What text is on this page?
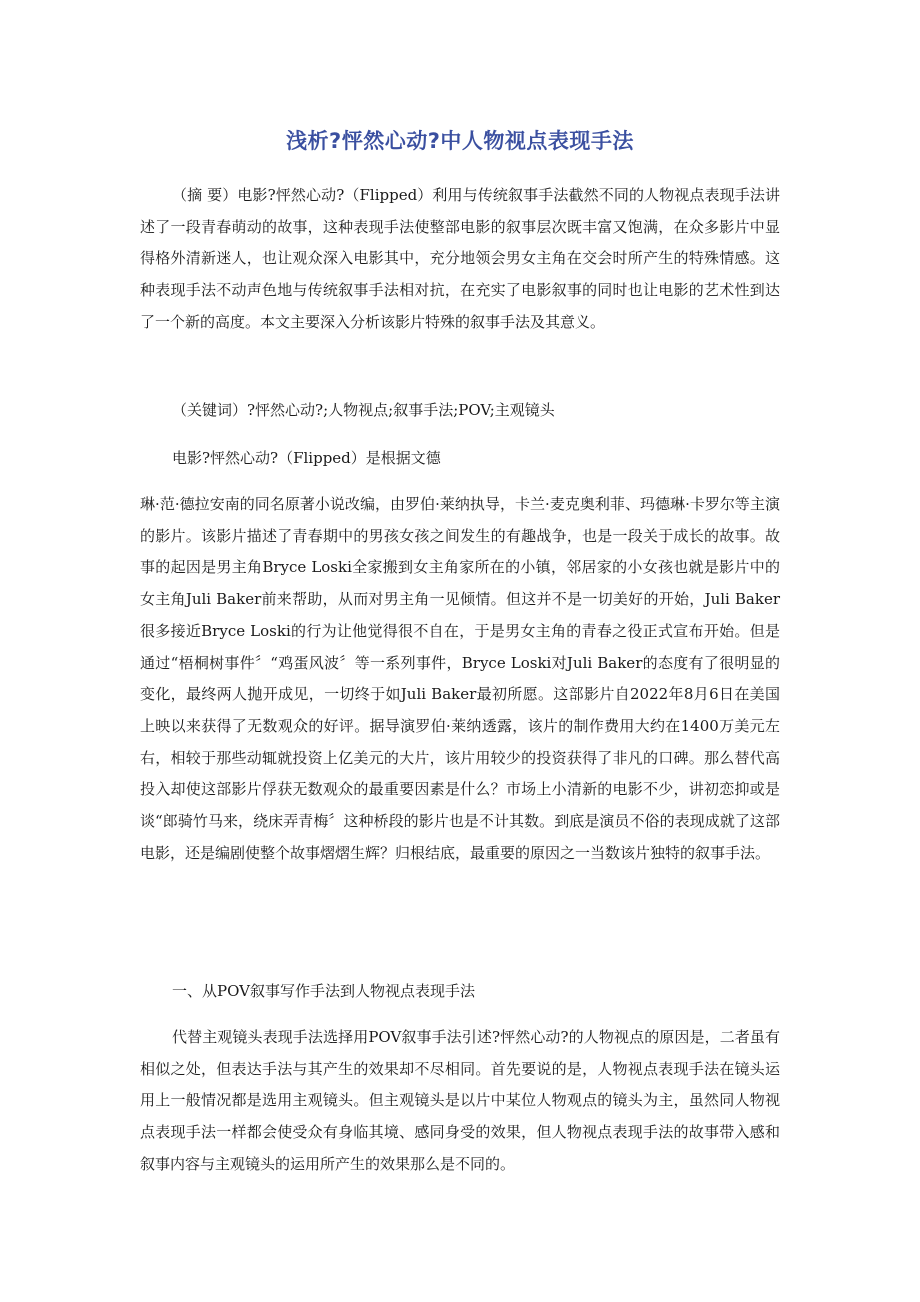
浅析?怦然心动?中人物视点表现手法

（摘 要）电影?怦然心动?（Flipped）利用与传统叙事手法截然不同的人物视点表现手法讲述了一段青春萌动的故事，这种表现手法使整部电影的叙事层次既丰富又饱满，在众多影片中显得格外清新迷人，也让观众深入电影其中，充分地领会男女主角在交会时所产生的特殊情感。这种表现手法不动声色地与传统叙事手法相对抗，在充实了电影叙事的同时也让电影的艺术性到达了一个新的高度。本文主要深入分析该影片特殊的叙事手法及其意义。

（关键词）?怦然心动?;人物视点;叙事手法;POV;主观镜头

电影?怦然心动?（Flipped）是根据文德

琳·范·德拉安南的同名原著小说改编，由罗伯·莱纳执导，卡兰·麦克奥利菲、玛德琳·卡罗尔等主演的影片。该影片描述了青春期中的男孩女孩之间发生的有趣战争，也是一段关于成长的故事。故事的起因是男主角Bryce Loski全家搬到女主角家所在的小镇，邻居家的小女孩也就是影片中的女主角Juli Baker前来帮助，从而对男主角一见倾情。但这并不是一切美好的开始，Juli Baker很多接近Bryce Loski的行为让他觉得很不自在，于是男女主角的青春之役正式宣布开始。但是通过“梧桐树事件〞“鸡蛋风波〞等一系列事件，Bryce Loski对Juli Baker的态度有了很明显的变化，最终两人抛开成见，一切终于如Juli Baker最初所愿。这部影片自2022年8月6日在美国上映以来获得了无数观众的好评。据导演罗伯·莱纳透露，该片的制作费用大约在1400万美元左右，相较于那些动辄就投资上亿美元的大片，该片用较少的投资获得了非凡的口碑。那么替代高投入却使这部影片俘获无数观众的最重要因素是什么？市场上小清新的电影不少，讲初恋抑或是谈“郎骑竹马来，绕床弄青梅〞这种桥段的影片也是不计其数。到底是演员不俗的表现成就了这部电影，还是编剧使整个故事熠熠生辉？归根结底，最重要的原因之一当数该片独特的叙事手法。

一、从POV叙事写作手法到人物视点表现手法

代替主观镜头表现手法选择用POV叙事手法引述?怦然心动?的人物视点的原因是，二者虽有相似之处，但表达手法与其产生的效果却不尽相同。首先要说的是，人物视点表现手法在镜头运用上一般情况都是选用主观镜头。但主观镜头是以片中某位人物观点的镜头为主，虽然同人物视点表现手法一样都会使受众有身临其境、感同身受的效果，但人物视点表现手法的故事带入感和叙事内容与主观镜头的运用所产生的效果那么是不同的。
